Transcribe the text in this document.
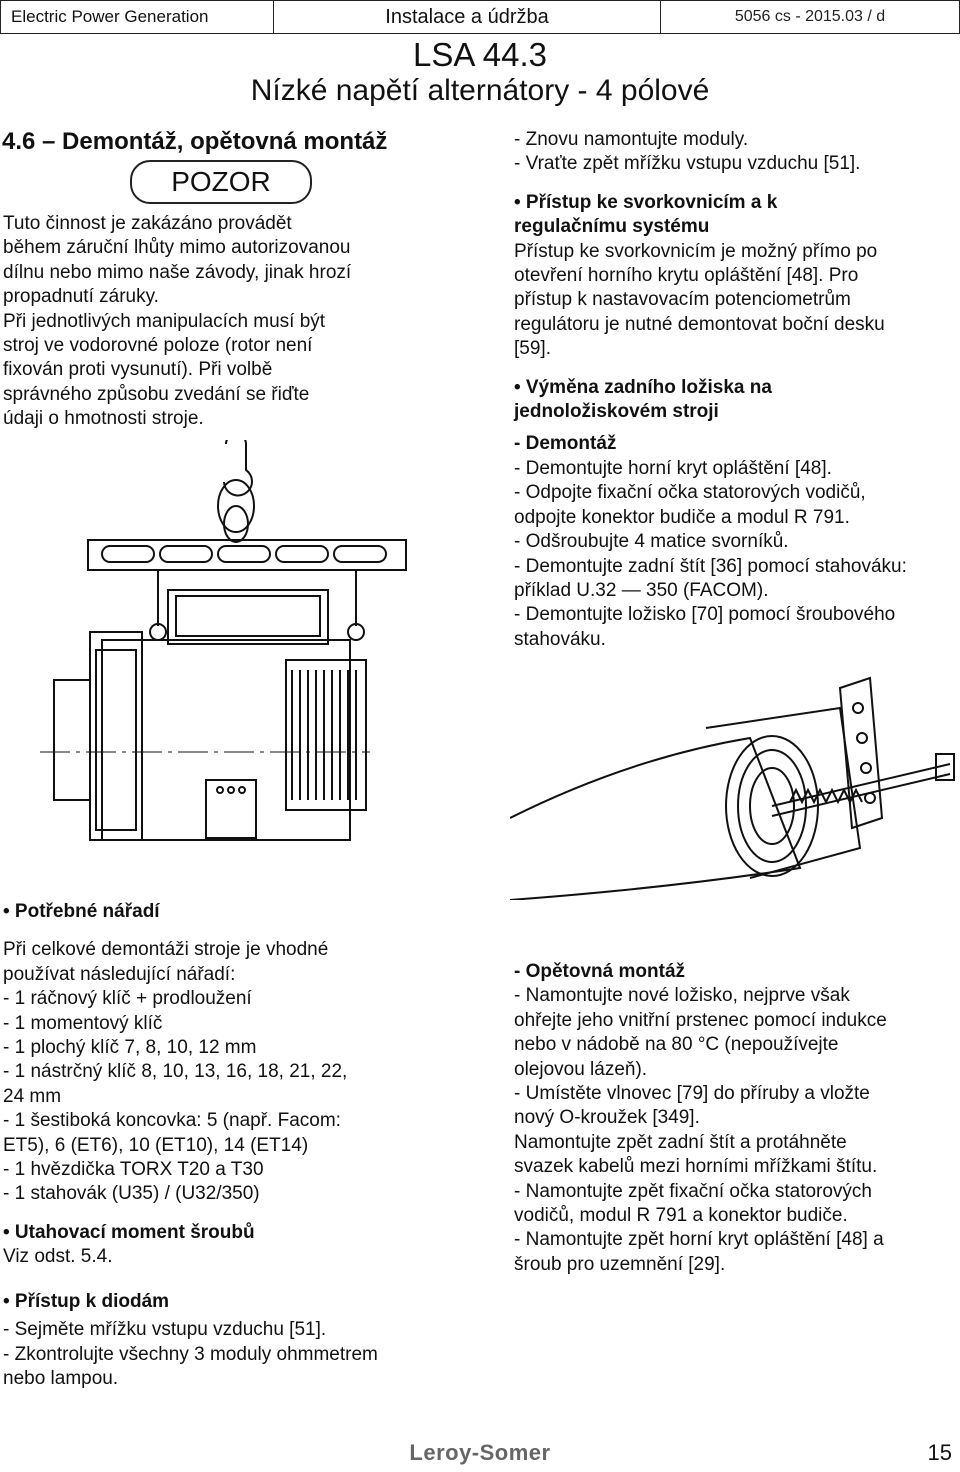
Electric Power Generation	Instalace a údržba	5056 cs - 2015.03 / d
LSA 44.3
Nízké napětí alternátory - 4 pólové
4.6 – Demontáž, opětovná montáž
POZOR

Tuto činnost je zakázáno provádět

během záruční lhůty mimo autorizovanou

dílnu nebo mimo naše závody, jinak hrozí

propadnutí záruky.

Při jednotlivých manipulacích musí být

stroj ve vodorovné poloze (rotor není

fixován proti vysunutí). Při volbě

správného způsobu zvedání se řiďte

údaji o hmotnosti stroje.

- Znovu namontujte moduly.

- Vraťte zpět mřížku vstupu vzduchu [51].

• Přístup ke svorkovnicím a k

regulačnímu systému

Přístup ke svorkovnicím je možný přímo po

otevření horního krytu opláštění [48]. Pro

přístup k nastavovacím potenciometrům

regulátoru je nutné demontovat boční desku

[59].

• Výměna zadního ložiska na

jednoložiskovém stroji

- Demontáž

- Demontujte horní kryt opláštění [48].

- Odpojte fixační očka statorových vodičů,

odpojte konektor budiče a modul R 791.

- Odšroubujte 4 matice svorníků.

- Demontujte zadní štít [36] pomocí stahováku:

příklad U.32 — 350 (FACOM).

- Demontujte ložisko [70] pomocí šroubového

stahováku.

• Potřebné nářadí

Při celkové demontáži stroje je vhodné

používat následující nářadí:

- 1 ráčnový klíč + prodloužení

- 1 momentový klíč

- 1 plochý klíč 7, 8, 10, 12 mm

- 1 nástrčný klíč 8, 10, 13, 16, 18, 21, 22,

24 mm

- 1 šestiboká koncovka: 5 (např. Facom:

ET5), 6 (ET6), 10 (ET10), 14 (ET14)

- 1 hvězdička TORX T20 a T30

- 1 stahovák (U35) / (U32/350)

• Utahovací moment šroubů

Viz odst. 5.4.

• Přístup k diodám

- Sejměte mřížku vstupu vzduchu [51].

- Zkontrolujte všechny 3 moduly ohmmetrem

nebo lampou.

- Opětovná montáž

- Namontujte nové ložisko, nejprve však

ohřejte jeho vnitřní prstenec pomocí indukce

nebo v nádobě na 80 °C (nepoužívejte

olejovou lázeň).

- Umístěte vlnovec [79] do příruby a vložte

nový O-kroužek [349].

Namontujte zpět zadní štít a protáhněte

svazek kabelů mezi horními mřížkami štítu.

- Namontujte zpět fixační očka statorových

vodičů, modul R 791 a konektor budiče.

- Namontujte zpět horní kryt opláštění [48] a

šroub pro uzemnění [29].

Leroy-Somer	15
